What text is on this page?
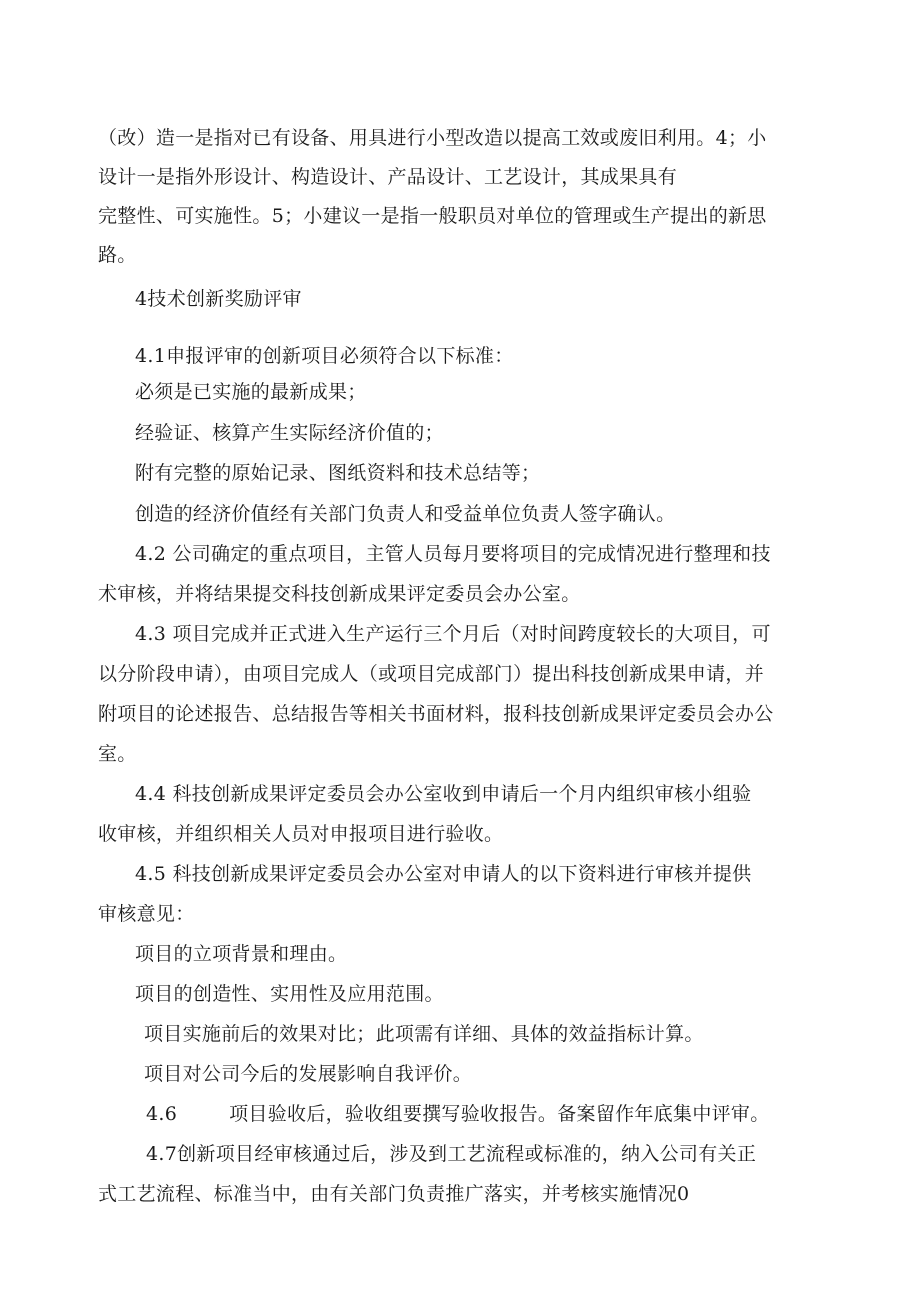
（改）造一是指对已有设备、用具进行小型改造以提高工效或废旧利用。4；小
设计一是指外形设计、构造设计、产品设计、工艺设计，其成果具有
完整性、可实施性。5；小建议一是指一般职员对单位的管理或生产提出的新思
路。
4技术创新奖励评审
4.1申报评审的创新项目必须符合以下标准：
必须是已实施的最新成果；
经验证、核算产生实际经济价值的；
附有完整的原始记录、图纸资料和技术总结等；
创造的经济价值经有关部门负责人和受益单位负责人签字确认。
4.2 公司确定的重点项目，主管人员每月要将项目的完成情况进行整理和技
术审核，并将结果提交科技创新成果评定委员会办公室。
4.3 项目完成并正式进入生产运行三个月后（对时间跨度较长的大项目，可
以分阶段申请），由项目完成人（或项目完成部门）提出科技创新成果申请，并
附项目的论述报告、总结报告等相关书面材料，报科技创新成果评定委员会办公
室。
4.4 科技创新成果评定委员会办公室收到申请后一个月内组织审核小组验
收审核，并组织相关人员对申报项目进行验收。
4.5 科技创新成果评定委员会办公室对申请人的以下资料进行审核并提供
审核意见：
项目的立项背景和理由。
项目的创造性、实用性及应用范围。
项目实施前后的效果对比；此项需有详细、具体的效益指标计算。
项目对公司今后的发展影响自我评价。
4.6	项目验收后，验收组要撰写验收报告。备案留作年底集中评审。
4.7创新项目经审核通过后，涉及到工艺流程或标准的，纳入公司有关正
式工艺流程、标准当中，由有关部门负责推广落实，并考核实施情况0
